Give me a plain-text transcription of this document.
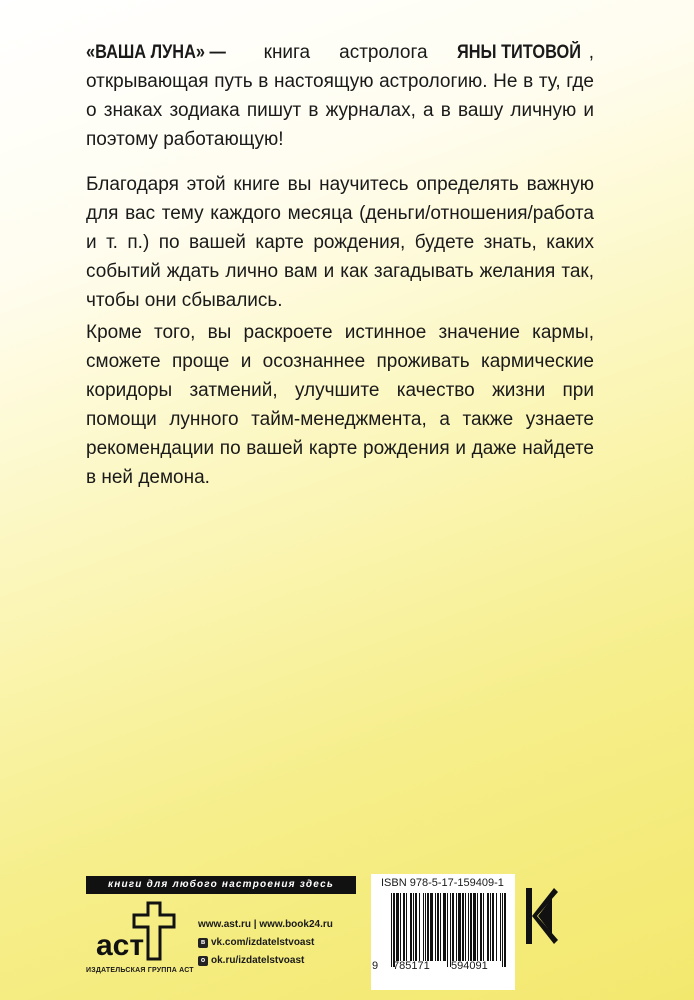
«ВАША ЛУНА» — книга астролога ЯНЫ ТИТОВОЙ , открывающая путь в настоящую астрологию. Не в ту, где о знаках зодиака пишут в журналах, а в вашу личную и поэтому работающую!
Благодаря этой книге вы научитесь определять важную для вас тему каждого месяца (деньги/отношения/работа и т. п.) по вашей карте рождения, будете знать, каких событий ждать лично вам и как загадывать желания так, чтобы они сбывались.
Кроме того, вы раскроете истинное значение кармы, сможете проще и осознаннее проживать кармические коридоры затмений, улучшите качество жизни при помощи лунного тайм-менеджмента, а также узнаете рекомендации по вашей карте рождения и даже найдете в ней демона.
книги для любого настроения здесь
аст
ИЗДАТЕЛЬСКАЯ ГРУППА АСТ
www.ast.ru | www.book24.ru
в vk.com/izdatelstvoast
о ok.ru/izdatelstvoast
ISBN 978-5-17-159409-1
9 785171 594091
